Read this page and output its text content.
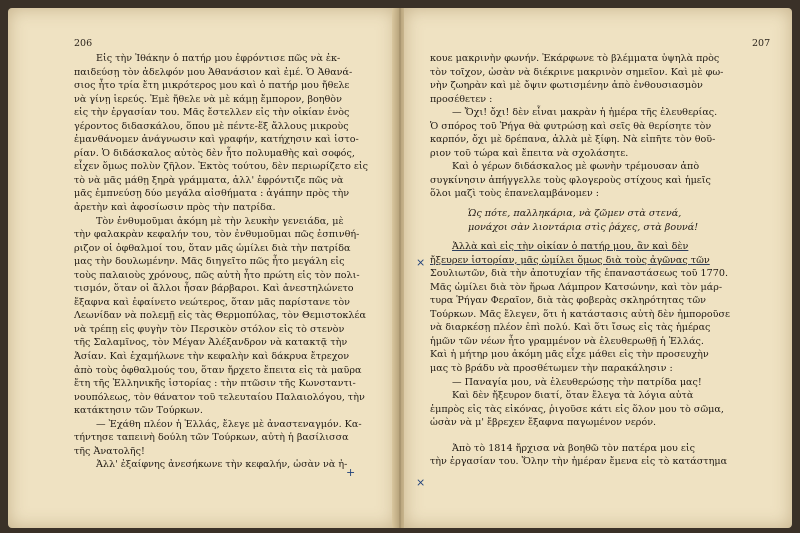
206
Εἰς τὴν Ἰθάκην ὁ πατήρ μου ἐφρόντισε πῶς νὰ ἐκ-
παιδεύσῃ τὸν ἀδελφόν μου Ἀθανάσιον καὶ ἐμέ. Ὁ Ἀθανά-
σιος ἦτο τρία ἔτη μικρότερος μου καὶ ὁ πατήρ μου ἤθελε
νὰ γίνῃ ἱερεύς. Ἐμὲ ἤθελε νὰ μὲ κάμῃ ἔμπορον, βοηθὸν
εἰς τὴν ἐργασίαν του. Μᾶς ἔστελλεν εἰς τὴν οἰκίαν ἑνὸς
γέροντος διδασκάλου, ὅπου μὲ πέντε-ἕξ ἄλλους μικροὺς
ἐμανθάνομεν ἀνάγνωσιν καὶ γραφήν, κατήχησιν καὶ ἱστο-
ρίαν. Ὁ διδάσκαλος αὐτὸς δὲν ἦτο πολυμαθὴς καὶ σοφός,
εἶχεν ὅμως πολὺν ζῆλον. Ἐκτὸς τούτου, δὲν περιωρίζετο εἰς
τὸ νὰ μᾶς μάθῃ ξηρὰ γράμματα, ἀλλ' ἐφρόντιζε πῶς νὰ
μᾶς ἐμπνεύσῃ δύο μεγάλα αἰσθήματα : ἀγάπην πρὸς τὴν
ἀρετὴν καὶ ἀφοσίωσιν πρὸς τὴν πατρίδα.
Τὸν ἐνθυμοῦμαι ἀκόμη μὲ τὴν λευκὴν γενειάδα, μὲ
τὴν φαλακρὰν κεφαλήν του, τὸν ἐνθυμοῦμαι πῶς ἐσπινθή-
ριζον οἱ ὀφθαλμοί του, ὅταν μᾶς ὡμίλει διὰ τὴν πατρίδα
μας τὴν δουλωμένην. Μᾶς διηγεῖτο πῶς ἦτο μεγάλη εἰς
τοὺς παλαιοὺς χρόνους, πῶς αὐτὴ ἦτο πρώτη εἰς τὸν πολι-
τισμόν, ὅταν οἱ ἄλλοι ἦσαν βάρβαροι. Καὶ ἀνεστηλώνετο
ἔξαφνα καὶ ἐφαίνετο νεώτερος, ὅταν μᾶς παρίστανε τὸν
Λεωνίδαν νὰ πολεμῇ εἰς τὰς Θερμοπύλας, τὸν Θεμιστοκλέα
νὰ τρέπῃ εἰς φυγὴν τὸν Περσικὸν στόλον εἰς τὸ στενὸν
τῆς Σαλαμῖνος, τὸν Μέγαν Ἀλέξανδρον νὰ κατακτᾷ τὴν
Ἀσίαν. Καὶ ἐχαμήλωνε τὴν κεφαλὴν καὶ δάκρυα ἔτρεχον
ἀπὸ τοὺς ὀφθαλμούς του, ὅταν ἤρχετο ἔπειτα εἰς τὰ μαῦρα
ἔτη τῆς Ἑλληνικῆς ἱστορίας : τὴν πτῶσιν τῆς Κωνσταντι-
νουπόλεως, τὸν θάνατον τοῦ τελευταίου Παλαιολόγου, τὴν
κατάκτησιν τῶν Τούρκων.
— Ἐχάθη πλέον ἡ Ἑλλάς, ἔλεγε μὲ ἀναστεναγμόν. Κα-
τήντησε ταπεινὴ δούλη τῶν Τούρκων, αὐτὴ ἡ βασίλισσα
τῆς Ἀνατολῆς!
Ἀλλ' ἐξαίφνης ἀνεσήκωνε τὴν κεφαλήν, ὡσὰν νὰ ἠ-
+
207
κουε μακρινὴν φωνήν. Ἐκάρφωνε τὸ βλέμματα ὑψηλὰ πρὸς
τὸν τοῖχον, ὡσὰν νὰ διέκρινε μακρινὸν σημεῖον. Καὶ μὲ φω-
νὴν ζωηρὰν καὶ μὲ ὄψιν φωτισμένην ἀπὸ ἐνθουσιασμὸν
προσέθετεν :
— Ὄχι! ὄχι! δὲν εἶναι μακρὰν ἡ ἡμέρα τῆς ἐλευθερίας.
Ὁ σπόρος τοῦ Ῥήγα θὰ φυτρώσῃ καὶ σεῖς θὰ θερίσητε τὸν
καρπόν, ὄχι μὲ δρέπανα, ἀλλὰ μὲ ξίφη. Νὰ εἰπῆτε τὸν θοῦ-
ριον τοῦ τώρα καὶ ἔπειτα νὰ σχολάσητε.
Καὶ ὁ γέρων διδάσκαλος μὲ φωνὴν τρέμουσαν ἀπὸ
συγκίνησιν ἀπήγγελλε τοὺς φλογεροὺς στίχους καὶ ἡμεῖς
ὅλοι μαζὶ τοὺς ἐπανελαμβάνομεν :
Ὡς πότε, παλληκάρια, νὰ ζῶμεν στὰ στενά,
μονάχοι σὰν λιοντάρια στὶς ῥάχες, στὰ βουνά!
Ἀλλὰ καὶ εἰς τὴν οἰκίαν ὁ πατήρ μου, ἂν καὶ δὲν
ἤξευρεν ἱστορίαν, μᾶς ὡμίλει ὅμως διὰ τοὺς ἀγῶνας τῶν
Σουλιωτῶν, διὰ τὴν ἀποτυχίαν τῆς ἐπαναστάσεως τοῦ 1770.
Μᾶς ὡμίλει διὰ τὸν ἥρωα Λάμπρον Κατσώνην, καὶ τὸν μάρ-
τυρα Ῥήγαν Φεραῖον, διὰ τὰς φοβερὰς σκληρότητας τῶν
Τούρκων. Μᾶς ἔλεγεν, ὅτι ἡ κατάστασις αὐτὴ δὲν ἠμποροῦσε
νὰ διαρκέσῃ πλέον ἐπὶ πολύ. Καὶ ὅτι ἴσως εἰς τὰς ἡμέρας
ἡμῶν τῶν νέων ἦτο γραμμένον νὰ ἐλευθερωθῇ ἡ Ἑλλάς.
Καὶ ἡ μήτηρ μου ἀκόμη μᾶς εἶχε μάθει εἰς τὴν προσευχὴν
μας τὸ βράδυ νὰ προσθέτωμεν τὴν παρακάλησιν :
— Παναγία μου, νὰ ἐλευθερώσῃς τὴν πατρίδα μας!
Καὶ δὲν ἤξευρον διατί, ὅταν ἔλεγα τὰ λόγια αὐτὰ
ἐμπρὸς εἰς τὰς εἰκόνας, ῥιγοῦσε κάτι εἰς ὅλον μου τὸ σῶμα,
ὡσὰν νὰ μ' ἔβρεχεν ἔξαφνα παγωμένον νερόν.
Ἀπὸ τὸ 1814 ἤρχισα νὰ βοηθῶ τὸν πατέρα μου εἰς
τὴν ἐργασίαν του. Ὅλην τὴν ἡμέραν ἔμενα εἰς τὸ κατάστημα
×
×
